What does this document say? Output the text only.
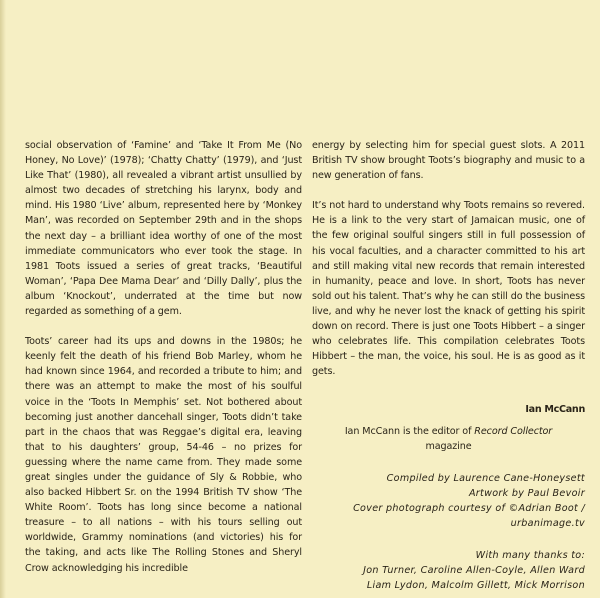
social observation of ‘Famine’ and ‘Take It From Me (No Honey, No Love)’ (1978); ‘Chatty Chatty’ (1979), and ‘Just Like That’ (1980), all revealed a vibrant artist unsullied by almost two decades of stretching his larynx, body and mind. His 1980 ‘Live’ album, represented here by ‘Monkey Man’, was recorded on September 29th and in the shops the next day – a brilliant idea worthy of one of the most immediate communicators who ever took the stage. In 1981 Toots issued a series of great tracks, ‘Beautiful Woman’, ‘Papa Dee Mama Dear’ and ‘Dilly Dally’, plus the album ‘Knockout’, underrated at the time but now regarded as something of a gem.

Toots’ career had its ups and downs in the 1980s; he keenly felt the death of his friend Bob Marley, whom he had known since 1964, and recorded a tribute to him; and there was an attempt to make the most of his soulful voice in the ‘Toots In Memphis’ set. Not bothered about becoming just another dancehall singer, Toots didn’t take part in the chaos that was Reggae’s digital era, leaving that to his daughters’ group, 54-46 – no prizes for guessing where the name came from. They made some great singles under the guidance of Sly & Robbie, who also backed Hibbert Sr. on the 1994 British TV show ‘The White Room’. Toots has long since become a national treasure – to all nations – with his tours selling out worldwide, Grammy nominations (and victories) his for the taking, and acts like The Rolling Stones and Sheryl Crow acknowledging his incredible

energy by selecting him for special guest slots. A 2011 British TV show brought Toots’s biography and music to a new generation of fans.

It’s not hard to understand why Toots remains so revered. He is a link to the very start of Jamaican music, one of the few original soulful singers still in full possession of his vocal faculties, and a character committed to his art and still making vital new records that remain interested in humanity, peace and love. In short, Toots has never sold out his talent. That’s why he can still do the business live, and why he never lost the knack of getting his spirit down on record. There is just one Toots Hibbert – a singer who celebrates life. This compilation celebrates Toots Hibbert – the man, the voice, his soul. He is as good as it gets.

Ian McCann
Ian McCann is the editor of Record Collector
magazine
Compiled by Laurence Cane-Honeysett
Artwork by Paul Bevoir
Cover photograph courtesy of ©Adrian Boot /
urbanimage.tv
With many thanks to:
Jon Turner, Caroline Allen-Coyle, Allen Ward
Liam Lydon, Malcolm Gillett, Mick Morrison
